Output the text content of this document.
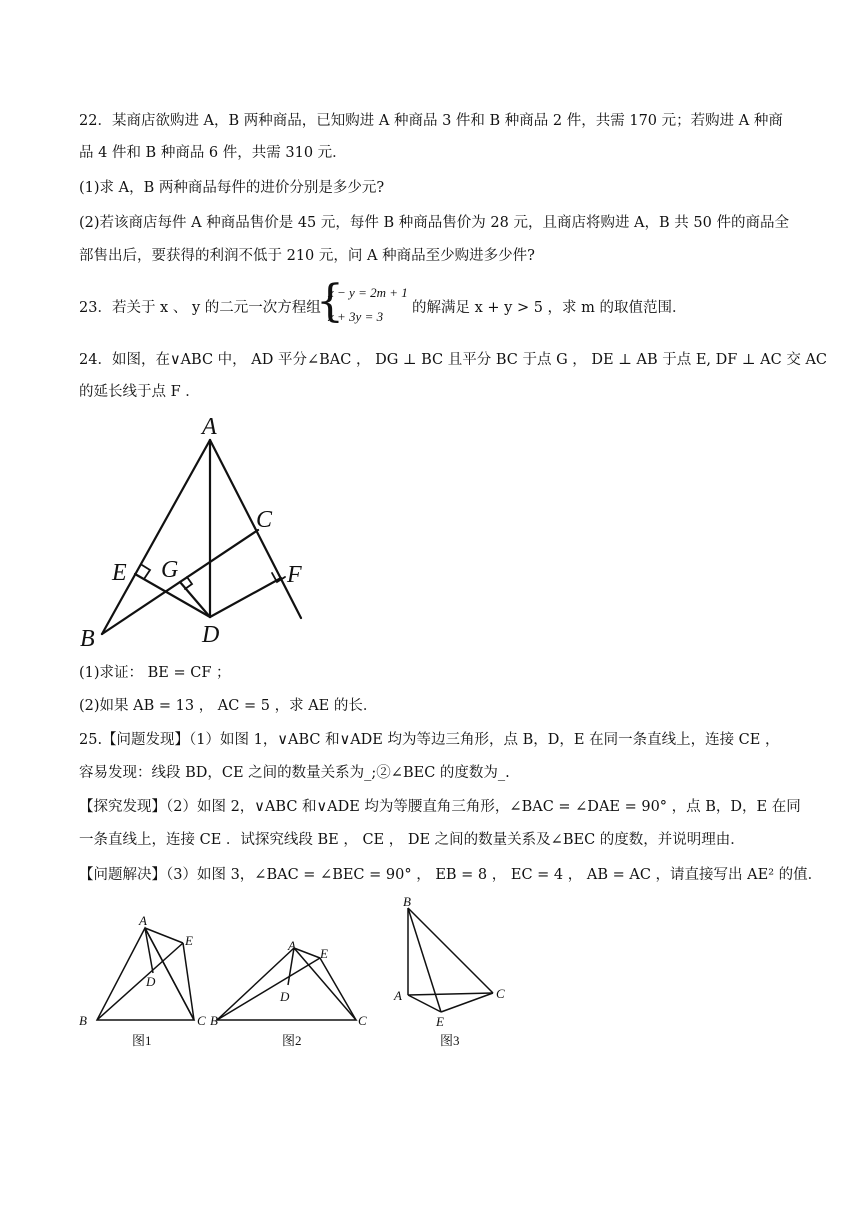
22．某商店欲购进 A，B 两种商品，已知购进 A 种商品 3 件和 B 种商品 2 件，共需 170 元；若购进 A 种商
品 4 件和 B 种商品 6 件，共需 310 元．
(1)求 A，B 两种商品每件的进价分别是多少元?
(2)若该商店每件 A 种商品售价是 45 元，每件 B 种商品售价为 28 元，且商店将购进 A，B 共 50 件的商品全
部售出后，要获得的利润不低于 210 元，问 A 种商品至少购进多少件?
23．若关于 x 、 y 的二元一次方程组
{
x − y = 2m + 1
x + 3y = 3
的解满足 x + y > 5 ，求 m 的取值范围．
24．如图，在∨ABC 中， AD 平分∠BAC ， DG ⊥ BC 且平分 BC 于点 G ， DE ⊥ AB 于点 E, DF ⊥ AC 交 AC
的延长线于点 F ．
A
B
C
D
E	F
G
(1)求证： BE = CF ；
(2)如果 AB = 13 ， AC = 5 ，求 AE 的长．
25.【问题发现】（1）如图 1，∨ABC 和∨ADE 均为等边三角形，点 B，D，E 在同一条直线上，连接 CE ，
容易发现：线段 BD，CE 之间的数量关系为_;②∠BEC 的度数为_.
【探究发现】（2）如图 2，∨ABC 和∨ADE 均为等腰直角三角形，∠BAC = ∠DAE = 90° ，点 B，D，E 在同
一条直线上，连接 CE ．试探究线段 BE ， CE ， DE 之间的数量关系及∠BEC 的度数，并说明理由．
【问题解决】（3）如图 3，∠BAC = ∠BEC = 90° ， EB = 8 ， EC = 4 ， AB = AC ，请直接写出 AE² 的值．
A
E
D
B	C
图1
A
E
D
B	C
图2
B
A	C
E
图3
